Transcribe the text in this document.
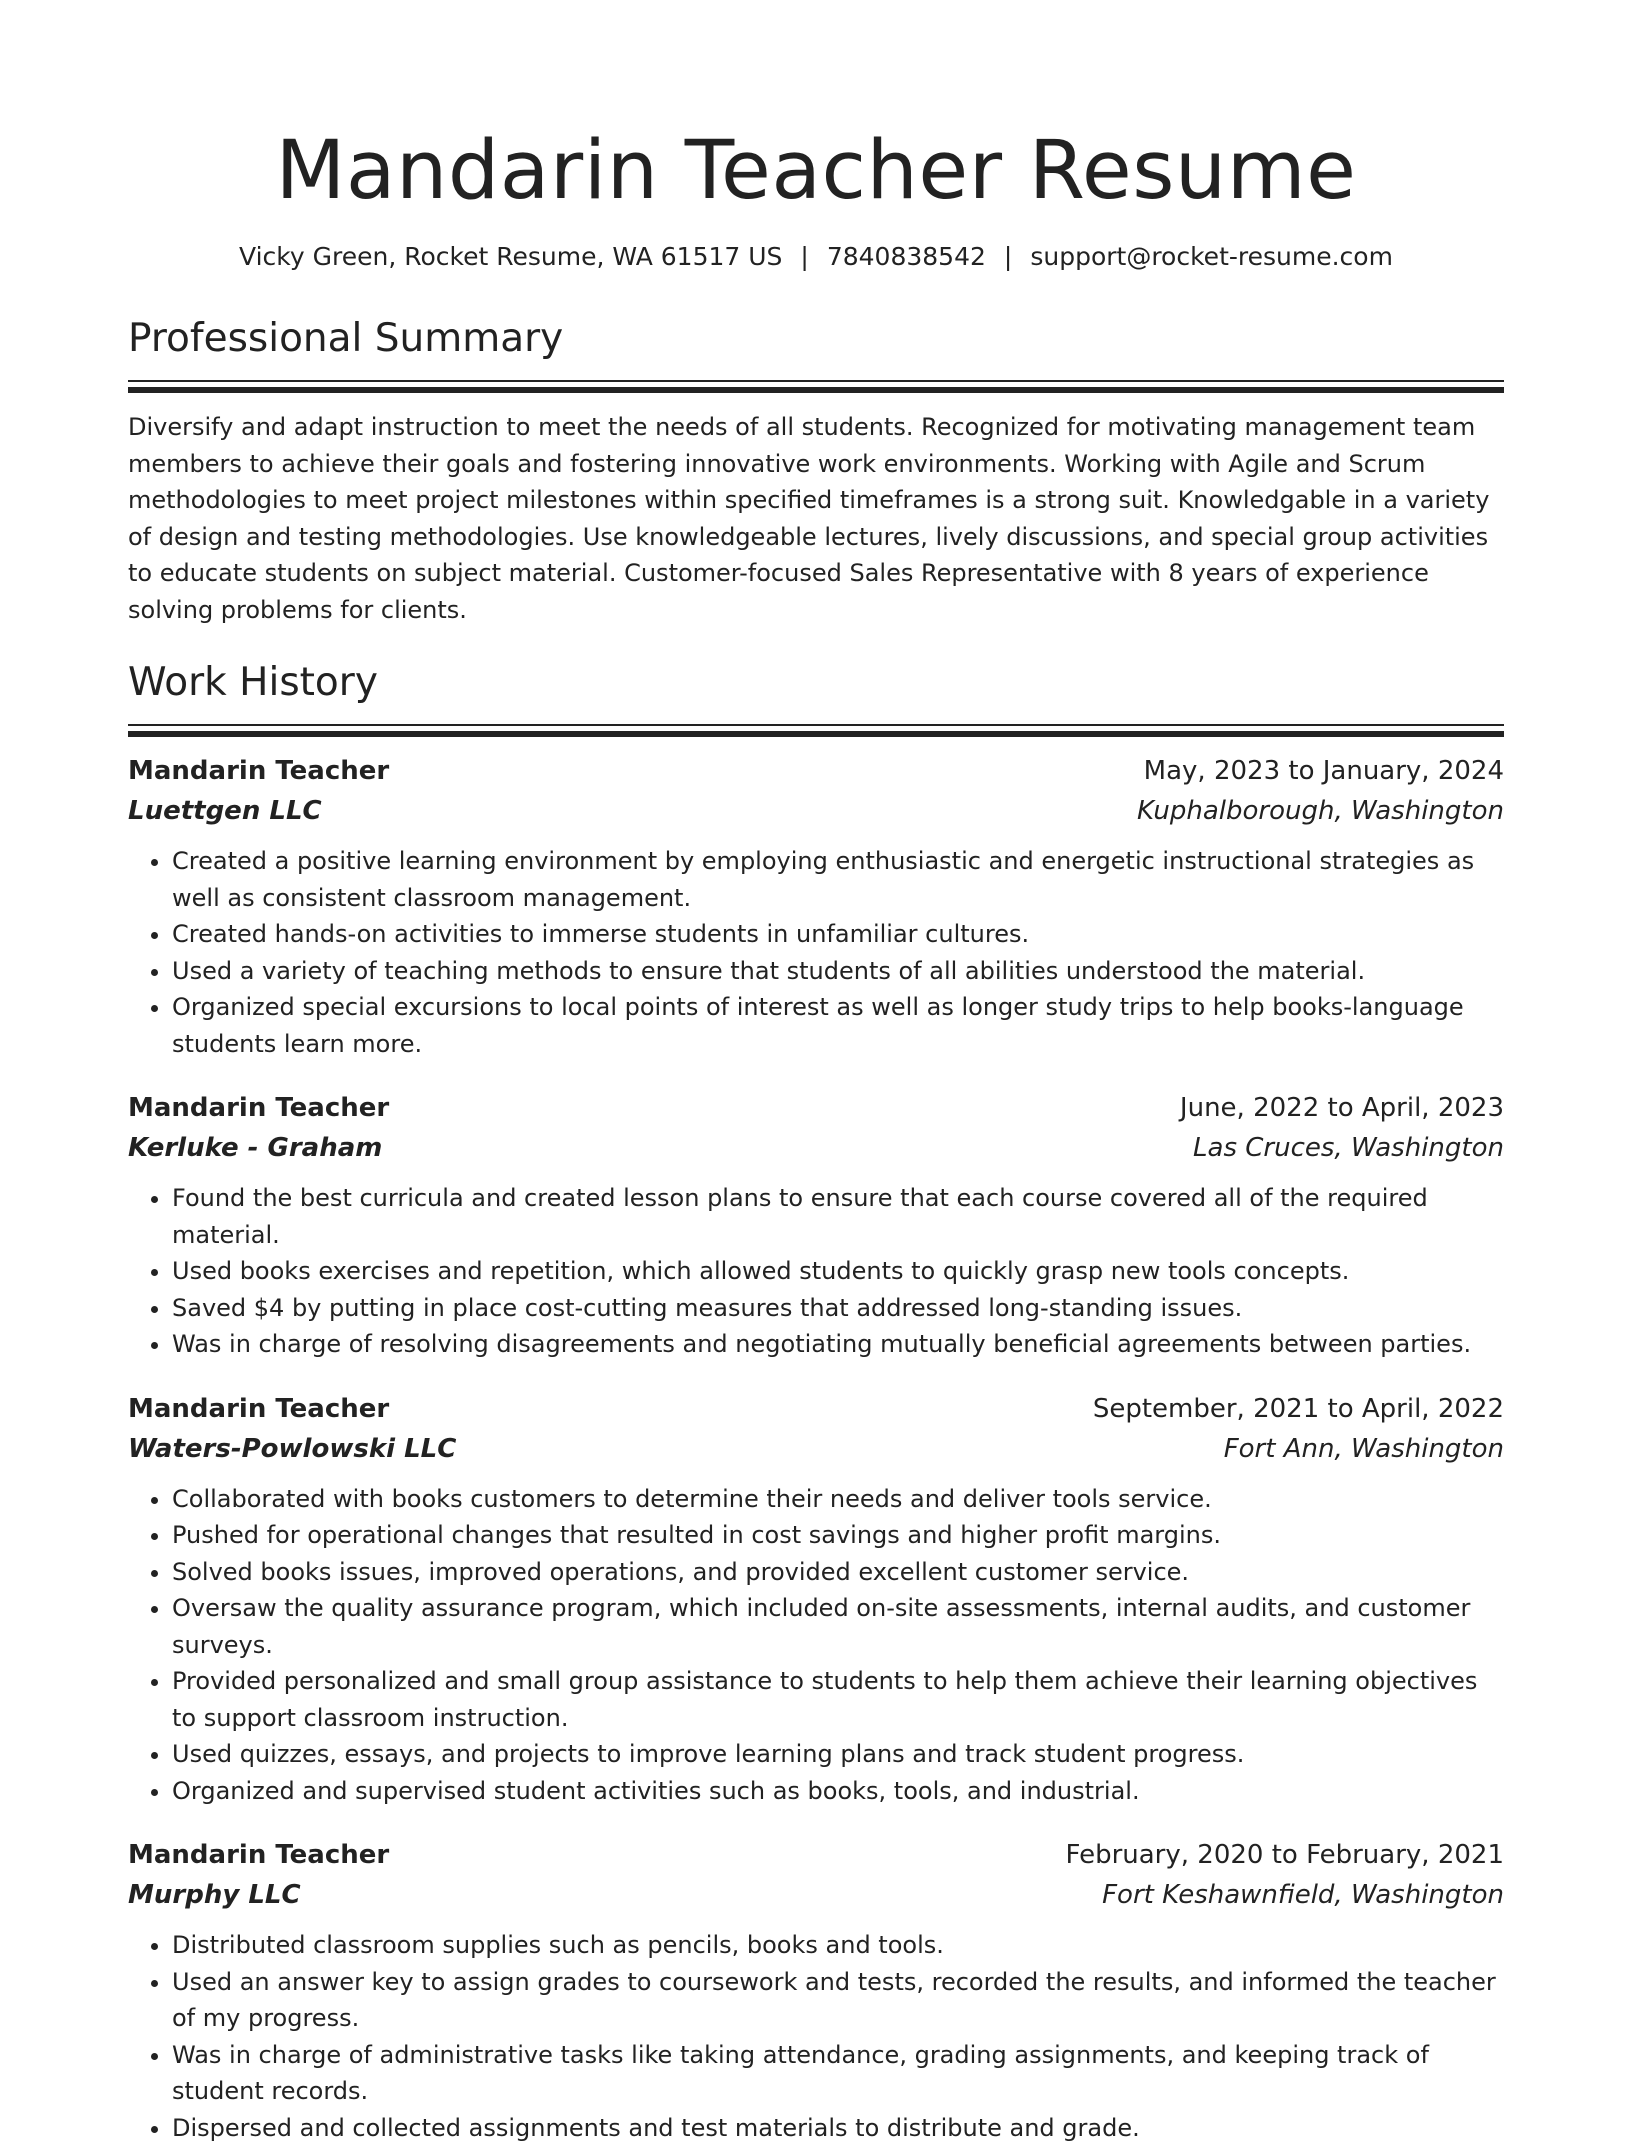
Mandarin Teacher Resume
Vicky Green, Rocket Resume, WA 61517 US | 7840838542 | support@rocket-resume.com
Professional Summary
Diversify and adapt instruction to meet the needs of all students. Recognized for motivating management team members to achieve their goals and fostering innovative work environments. Working with Agile and Scrum methodologies to meet project milestones within specified timeframes is a strong suit. Knowledgable in a variety of design and testing methodologies. Use knowledgeable lectures, lively discussions, and special group activities to educate students on subject material. Customer-focused Sales Representative with 8 years of experience solving problems for clients.
Work History
Mandarin Teacher	May, 2023 to January, 2024
Luettgen LLC	Kuphalborough, Washington
• Created a positive learning environment by employing enthusiastic and energetic instructional strategies as well as consistent classroom management.
• Created hands-on activities to immerse students in unfamiliar cultures.
• Used a variety of teaching methods to ensure that students of all abilities understood the material.
• Organized special excursions to local points of interest as well as longer study trips to help books-language students learn more.
Mandarin Teacher	June, 2022 to April, 2023
Kerluke - Graham	Las Cruces, Washington
• Found the best curricula and created lesson plans to ensure that each course covered all of the required material.
• Used books exercises and repetition, which allowed students to quickly grasp new tools concepts.
• Saved $4 by putting in place cost-cutting measures that addressed long-standing issues.
• Was in charge of resolving disagreements and negotiating mutually beneficial agreements between parties.
Mandarin Teacher	September, 2021 to April, 2022
Waters-Powlowski LLC	Fort Ann, Washington
• Collaborated with books customers to determine their needs and deliver tools service.
• Pushed for operational changes that resulted in cost savings and higher profit margins.
• Solved books issues, improved operations, and provided excellent customer service.
• Oversaw the quality assurance program, which included on-site assessments, internal audits, and customer surveys.
• Provided personalized and small group assistance to students to help them achieve their learning objectives to support classroom instruction.
• Used quizzes, essays, and projects to improve learning plans and track student progress.
• Organized and supervised student activities such as books, tools, and industrial.
Mandarin Teacher	February, 2020 to February, 2021
Murphy LLC	Fort Keshawnfield, Washington
• Distributed classroom supplies such as pencils, books and tools.
• Used an answer key to assign grades to coursework and tests, recorded the results, and informed the teacher of my progress.
• Was in charge of administrative tasks like taking attendance, grading assignments, and keeping track of student records.
• Dispersed and collected assignments and test materials to distribute and grade.
